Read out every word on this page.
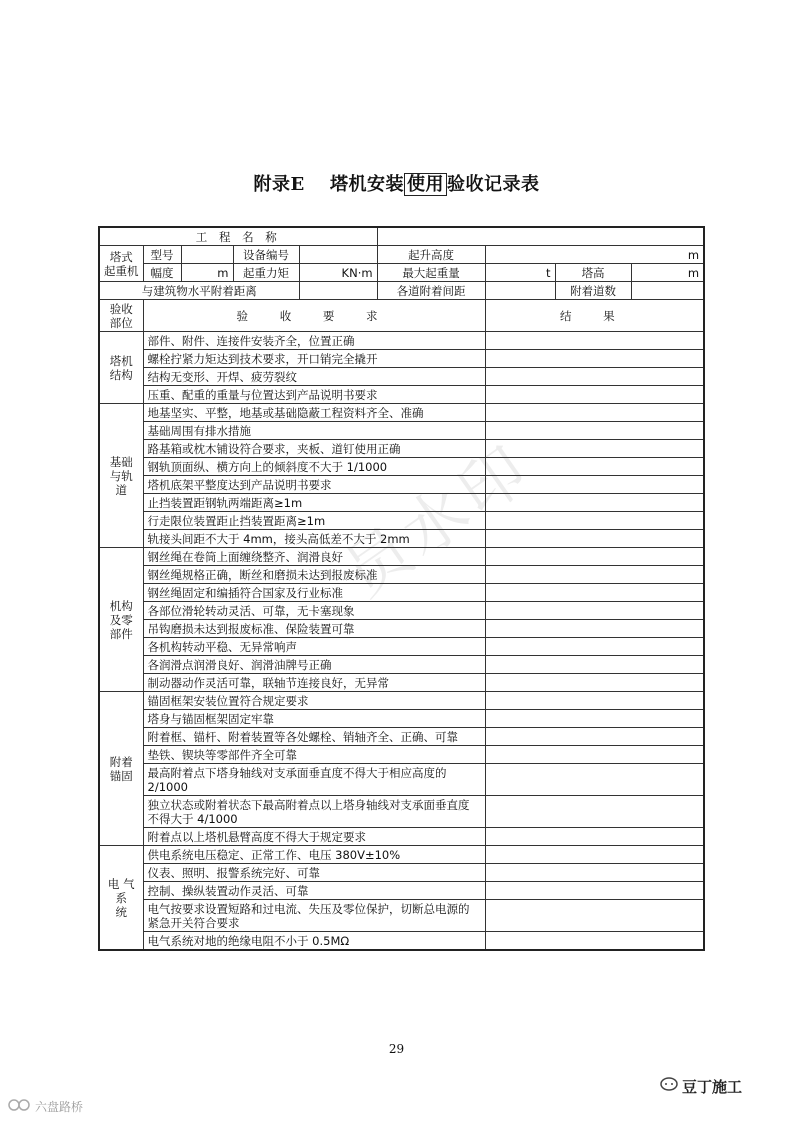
附录E　 塔机安装 使用 验收记录表
员水印
工 程 名 称								

塔式
起重机	型号		设备编号		起升高度	m		
	幅度	m	起重力矩	KN·m	最大起重量	t	塔高	m
与建筑物水平附着距离					各道附着间距		附着道数	

验收
部位	验 收 要 求					结 果		

塔机
结构	部件、附件、连接件安装齐全，位置正确							
	螺栓拧紧力矩达到技术要求，开口销完全撬开							
	结构无变形、开焊、疲劳裂纹							
	压重、配重的重量与位置达到产品说明书要求							

基础
与轨
道	地基坚实、平整，地基或基础隐蔽工程资料齐全、准确							
	基础周围有排水措施							
	路基箱或枕木铺设符合要求，夹板、道钉使用正确							
	钢轨顶面纵、横方向上的倾斜度不大于 1/1000							
	塔机底架平整度达到产品说明书要求							
	止挡装置距钢轨两端距离≥1m							
	行走限位装置距止挡装置距离≥1m							
	轨接头间距不大于 4mm，接头高低差不大于 2mm							

机构
及零
部件	钢丝绳在卷筒上面缠绕整齐、润滑良好							
	钢丝绳规格正确，断丝和磨损未达到报废标准							
	钢丝绳固定和编插符合国家及行业标准							
	各部位滑轮转动灵活、可靠，无卡塞现象							
	吊钩磨损未达到报废标准、保险装置可靠							
	各机构转动平稳、无异常响声							
	各润滑点润滑良好、润滑油牌号正确							
	制动器动作灵活可靠，联轴节连接良好，无异常							

附着
锚固	锚固框架安装位置符合规定要求							
	塔身与锚固框架固定牢靠							
	附着框、锚杆、附着装置等各处螺栓、销轴齐全、正确、可靠							
	垫铁、锲块等零部件齐全可靠							
	最高附着点下塔身轴线对支承面垂直度不得大于相应高度的 2/1000							
	独立状态或附着状态下最高附着点以上塔身轴线对支承面垂直度不得大于 4/1000							
	附着点以上塔机悬臂高度不得大于规定要求							

电 气
系
统	供电系统电压稳定、正常工作、电压 380V±10%							
	仪表、照明、报警系统完好、可靠							
	控制、操纵装置动作灵活、可靠							
	电气按要求设置短路和过电流、失压及零位保护，切断总电源的紧急开关符合要求							
	电气系统对地的绝缘电阻不小于 0.5MΩ							
29
豆丁施工
六盘路桥
